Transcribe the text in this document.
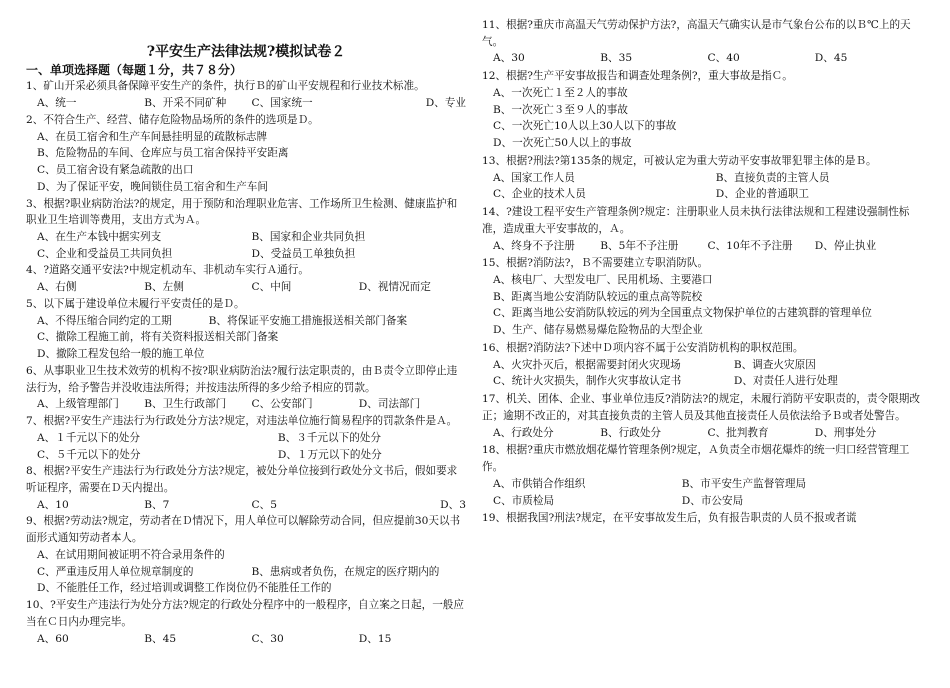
?平安生产法律法规?模拟试卷２
一、单项选择题（每题１分，共７８分）
1、矿山开采必须具备保障平安生产的条件，执行Ｂ的矿山平安规程和行业技术标准。
A、统一	B、开采不同矿种	C、国家统一	D、专业
2、不符合生产、经营、储存危险物品场所的条件的选项是Ｄ。
A、在员工宿舍和生产车间悬挂明显的疏散标志牌
B、危险物品的车间、仓库应与员工宿舍保持平安距离
C、员工宿舍设有紧急疏散的出口
D、为了保证平安，晚间锁住员工宿舍和生产车间
3、根据?职业病防治法?的规定，用于预防和治理职业危害、工作场所卫生检测、健康监护和职业卫生培训等费用，支出方式为Ａ。
A、在生产本钱中据实列支	B、国家和企业共同负担
C、企业和受益员工共同负担	D、受益员工单独负担
4、?道路交通平安法?中规定机动车、非机动车实行Ａ通行。
A、右侧	B、左侧	C、中间	D、视情况而定
5、以下属于建设单位未履行平安责任的是Ｄ。
A、不得压缩合同约定的工期	B、将保证平安施工措施报送相关部门备案
C、撤除工程施工前，将有关资料报送相关部门备案
D、撤除工程发包给一般的施工单位
6、从事职业卫生技术效劳的机构不按?职业病防治法?履行法定职责的，由Ｂ责令立即停止违法行为，给予警告并没收违法所得；并按违法所得的多少给予相应的罚款。
A、上级管理部门	B、卫生行政部门	C、公安部门	D、司法部门
7、根据?平安生产违法行为行政处分方法?规定，对违法单位施行简易程序的罚款条件是Ａ。
A、１千元以下的处分	B、３千元以下的处分
C、５千元以下的处分	D、１万元以下的处分
8、根据?平安生产违法行为行政处分方法?规定，被处分单位接到行政处分文书后，假如要求听证程序，需要在Ｄ天内提出。
A、10	B、7	C、5	D、3
9、根据?劳动法?规定，劳动者在Ｄ情况下，用人单位可以解除劳动合同，但应提前30天以书面形式通知劳动者本人。
A、在试用期间被证明不符合录用条件的
C、严重违反用人单位规章制度的	B、患病或者负伤，在规定的医疗期内的
D、不能胜任工作，经过培训或调整工作岗位仍不能胜任工作的
10、?平安生产违法行为处分方法?规定的行政处分程序中的一般程序，自立案之日起，一般应当在Ｃ日内办理完毕。
A、60	B、45	C、30	D、15
11、根据?重庆市高温天气劳动保护方法?，高温天气确实认是市气象台公布的以Ｂ℃上的天气。
A、30	B、35	C、40	D、45
12、根据?生产平安事故报告和调查处理条例?，重大事故是指Ｃ。
A、一次死亡１至２人的事故
B、一次死亡３至９人的事故
C、一次死亡10人以上30人以下的事故
D、一次死亡50人以上的事故
13、根据?刑法?第135条的规定，可被认定为重大劳动平安事故罪犯罪主体的是Ｂ。
A、国家工作人员	B、直接负责的主管人员
C、企业的技术人员	D、企业的普通职工
14、?建设工程平安生产管理条例?规定：注册职业人员未执行法律法规和工程建设强制性标准，造成重大平安事故的，Ａ。
A、终身不予注册	B、5年不予注册	C、10年不予注册	D、停止执业
15、根据?消防法?，Ｂ不需要建立专职消防队。
A、核电厂、大型发电厂、民用机场、主要港口
B、距离当地公安消防队较远的重点高等院校
C、距离当地公安消防队较远的列为全国重点文物保护单位的古建筑群的管理单位
D、生产、储存易燃易爆危险物品的大型企业
16、根据?消防法?下述中Ｄ项内容不属于公安消防机构的职权范围。
A、火灾扑灭后，根据需要封闭火灾现场	B、调查火灾原因
C、统计火灾损失，制作火灾事故认定书	D、对责任人进行处理
17、机关、团体、企业、事业单位违反?消防法?的规定，未履行消防平安职责的，责令限期改正；逾期不改正的，对其直接负责的主管人员及其他直接责任人员依法给予Ｂ或者处警告。
A、行政处分	B、行政处分	C、批判教育	D、刑事处分
18、根据?重庆市燃放烟花爆竹管理条例?规定，Ａ负责全市烟花爆炸的统一归口经营管理工作。
A、市供销合作组织	B、市平安生产监督管理局
C、市质检局	D、市公安局
19、根据我国?刑法?规定，在平安事故发生后，负有报告职责的人员不报或者谎
